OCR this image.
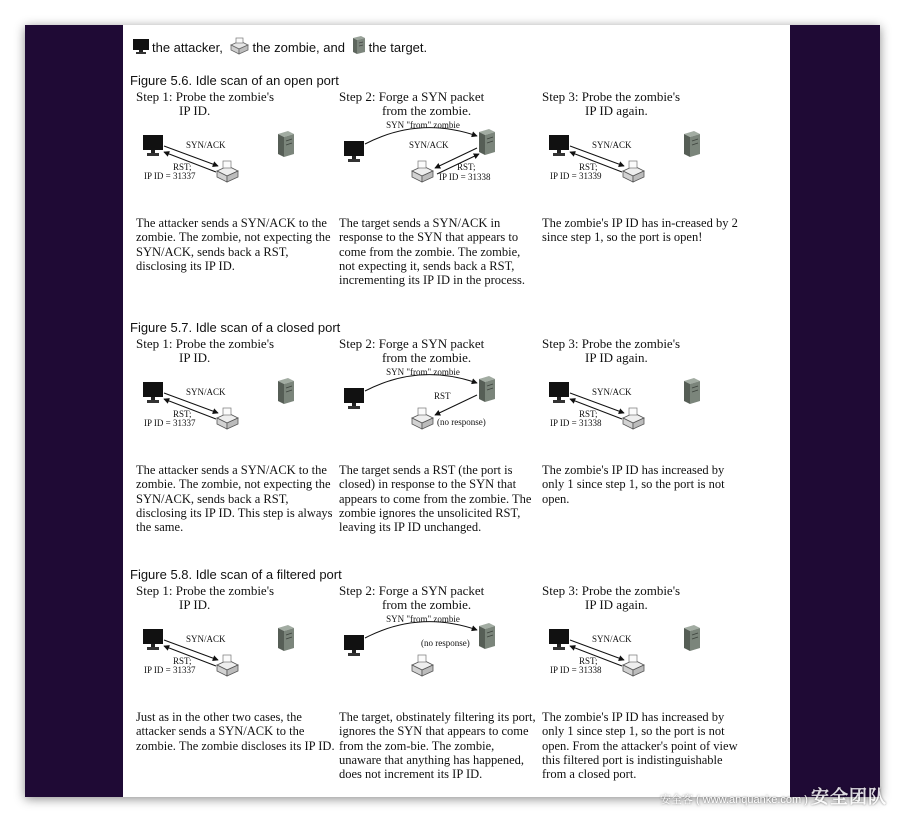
the attacker, the zombie, and the target.
Figure 5.6. Idle scan of an open port
Step 1: Probe the zombie's
IP ID.
SYN/ACK
RST;
IP ID = 31337
The attacker sends a SYN/ACK to the zombie. The zombie, not expecting the SYN/ACK, sends back a RST, disclosing its IP ID.
Step 2: Forge a SYN packet
from the zombie.
SYN "from" zombie
SYN/ACK
RST;
IP ID = 31338
The target sends a SYN/ACK in response to the SYN that appears to come from the zombie. The zombie, not expecting it, sends back a RST, incrementing its IP ID in the process.
Step 3: Probe the zombie's
IP ID again.
SYN/ACK
RST;
IP ID = 31339
The zombie's IP ID has in-creased by 2 since step 1, so the port is open!
Figure 5.7. Idle scan of a closed port
Step 1: Probe the zombie's
IP ID.
SYN/ACK
RST;
IP ID = 31337
The attacker sends a SYN/ACK to the zombie. The zombie, not expecting the SYN/ACK, sends back a RST, disclosing its IP ID. This step is always the same.
Step 2: Forge a SYN packet
from the zombie.
SYN "from" zombie
RST
(no response)
The target sends a RST (the port is closed) in response to the SYN that appears to come from the zombie. The zombie ignores the unsolicited RST, leaving its IP ID unchanged.
Step 3: Probe the zombie's
IP ID again.
SYN/ACK
RST;
IP ID = 31338
The zombie's IP ID has increased by only 1 since step 1, so the port is not open.
Figure 5.8. Idle scan of a filtered port
Step 1: Probe the zombie's
IP ID.
SYN/ACK
RST;
IP ID = 31337
Just as in the other two cases, the attacker sends a SYN/ACK to the zombie. The zombie discloses its IP ID.
Step 2: Forge a SYN packet
from the zombie.
SYN "from" zombie
(no response)
The target, obstinately filtering its port, ignores the SYN that appears to come from the zom-bie. The zombie, unaware that anything has happened, does not increment its IP ID.
Step 3: Probe the zombie's
IP ID again.
SYN/ACK
RST;
IP ID = 31338
The zombie's IP ID has increased by only 1 since step 1, so the port is not open. From the attacker's point of view this filtered port is indistinguishable from a closed port.
安全客 ( www.anquanke.com ) 安全团队
